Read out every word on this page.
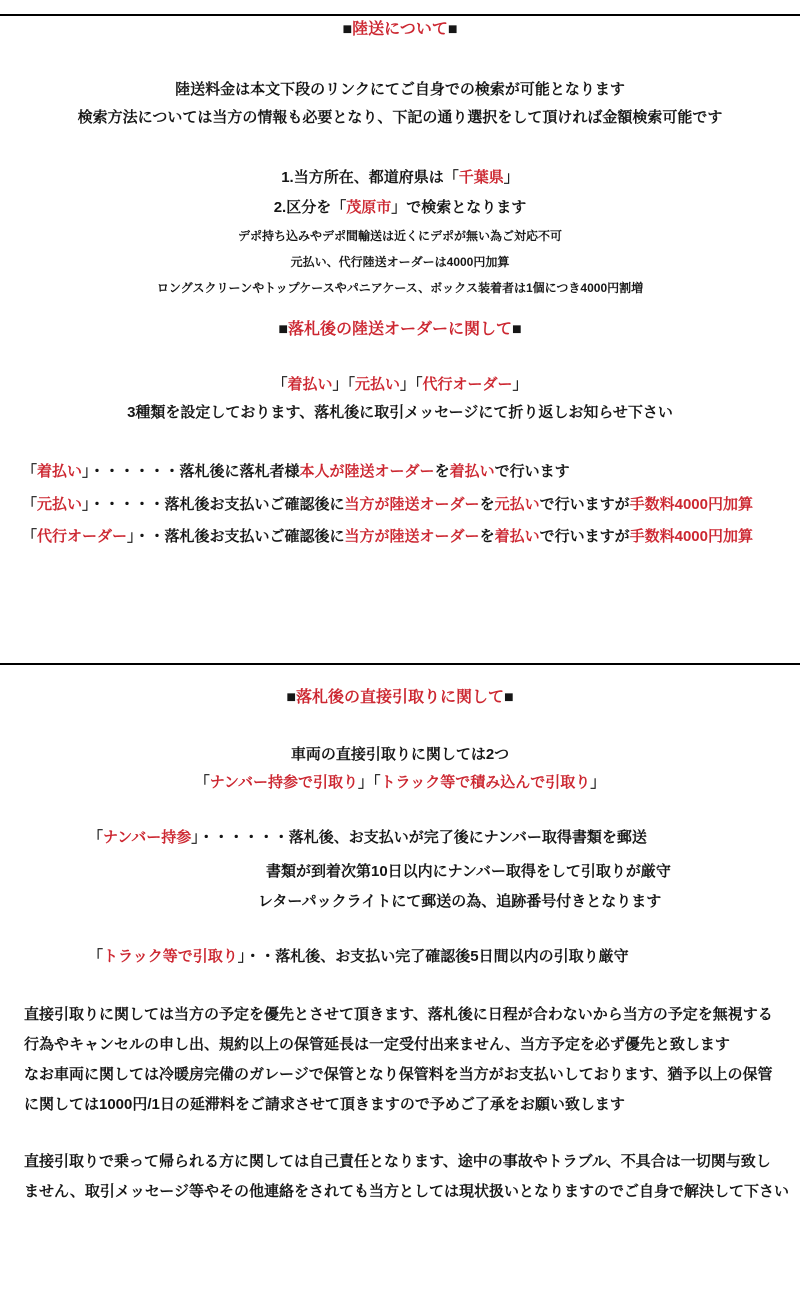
■陸送について■
陸送料金は本文下段のリンクにてご自身での検索が可能となります
検索方法については当方の情報も必要となり、下記の通り選択をして頂ければ金額検索可能です
1.当方所在、都道府県は「千葉県」
2.区分を「茂原市」で検索となります
デポ持ち込みやデポ間輸送は近くにデポが無い為ご対応不可
元払い、代行陸送オーダーは4000円加算
ロングスクリーンやトップケースやパニアケース、ボックス装着者は1個につき4000円割増
■落札後の陸送オーダーに関して■
「着払い」「元払い」「代行オーダー」
3種類を設定しております、落札後に取引メッセージにて折り返しお知らせ下さい
「着払い」・・・・・・落札後に落札者様本人が陸送オーダーを着払いで行います
「元払い」・・・・・落札後お支払いご確認後に当方が陸送オーダーを元払いで行いますが手数料4000円加算
「代行オーダー」・・落札後お支払いご確認後に当方が陸送オーダーを着払いで行いますが手数料4000円加算
■落札後の直接引取りに関して■
車両の直接引取りに関しては2つ
「ナンバー持参で引取り」「トラック等で積み込んで引取り」
「ナンバー持参」・・・・・・落札後、お支払いが完了後にナンバー取得書類を郵送
書類が到着次第10日以内にナンバー取得をして引取りが厳守
レターパックライトにて郵送の為、追跡番号付きとなります
「トラック等で引取り」・・落札後、お支払い完了確認後5日間以内の引取り厳守
直接引取りに関しては当方の予定を優先とさせて頂きます、落札後に日程が合わないから当方の予定を無視する
行為やキャンセルの申し出、規約以上の保管延長は一定受付出来ません、当方予定を必ず優先と致します
なお車両に関しては冷暖房完備のガレージで保管となり保管料を当方がお支払いしております、猶予以上の保管
に関しては1000円/1日の延滞料をご請求させて頂きますので予めご了承をお願い致します
直接引取りで乗って帰られる方に関しては自己責任となります、途中の事故やトラブル、不具合は一切関与致し
ません、取引メッセージ等やその他連絡をされても当方としては現状扱いとなりますのでご自身で解決して下さい
